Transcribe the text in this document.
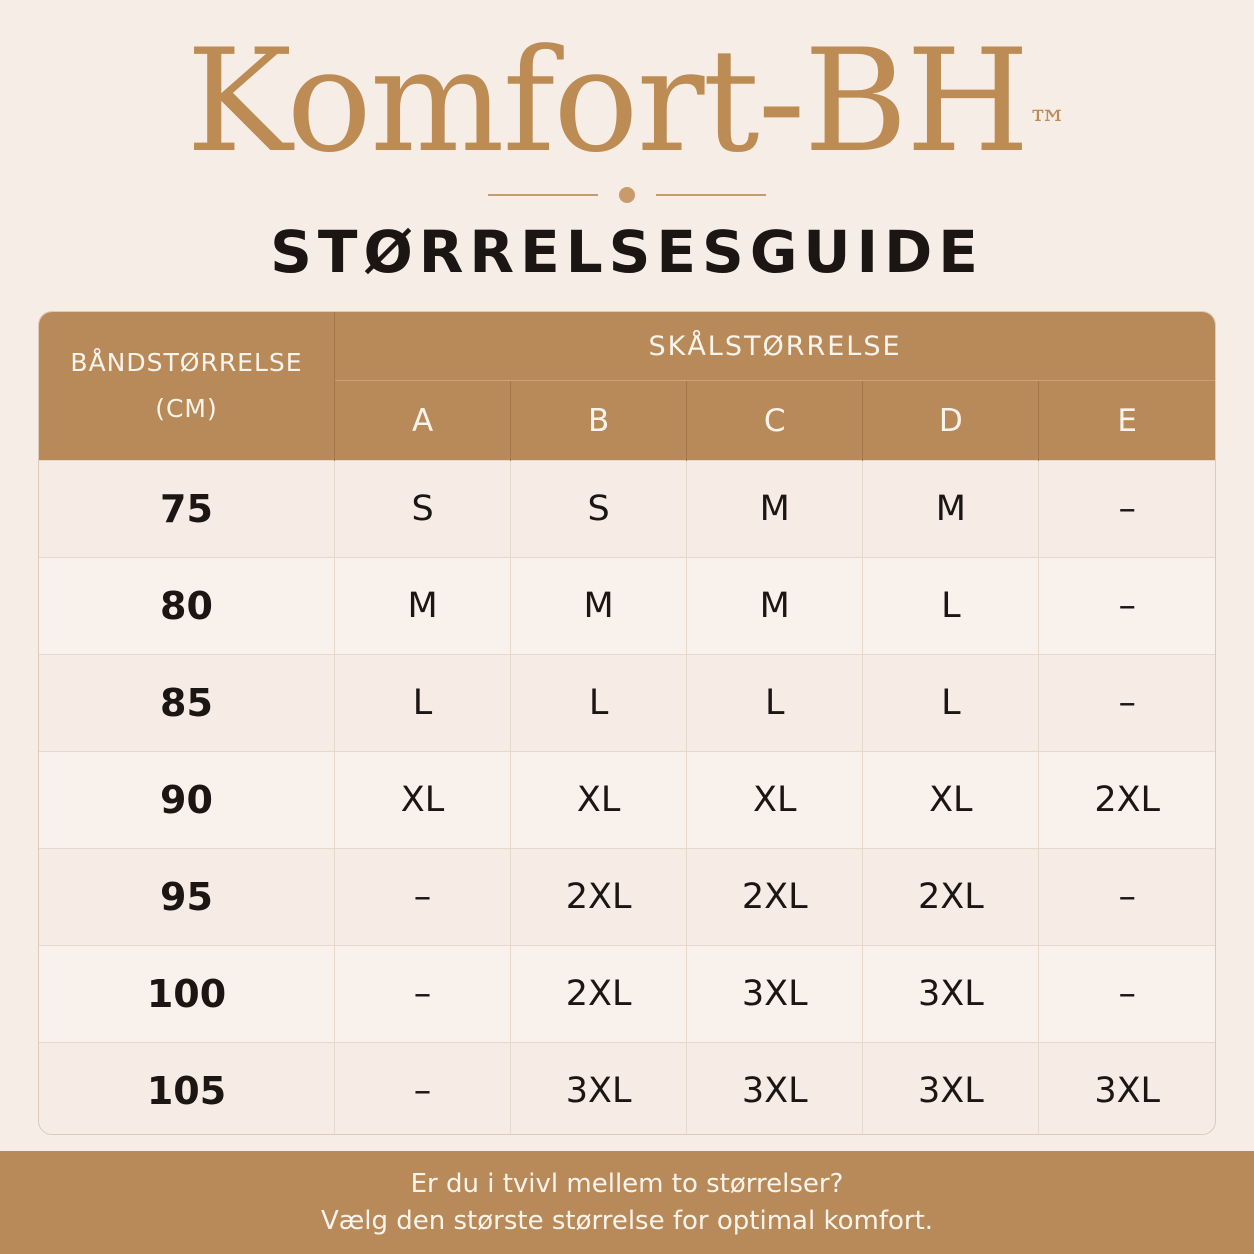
Komfort-BH™
STØRRELSESGUIDE
BÅNDSTØRRELSE
(CM)	SKÅLSTØRRELSE				
	A	B	C	D	E
75	S	S	M	M	–
80	M	M	M	L	–
85	L	L	L	L	–
90	XL	XL	XL	XL	2XL
95	–	2XL	2XL	2XL	–
100	–	2XL	3XL	3XL	–
105	–	3XL	3XL	3XL	3XL
Er du i tvivl mellem to størrelser?
Vælg den største størrelse for optimal komfort.
